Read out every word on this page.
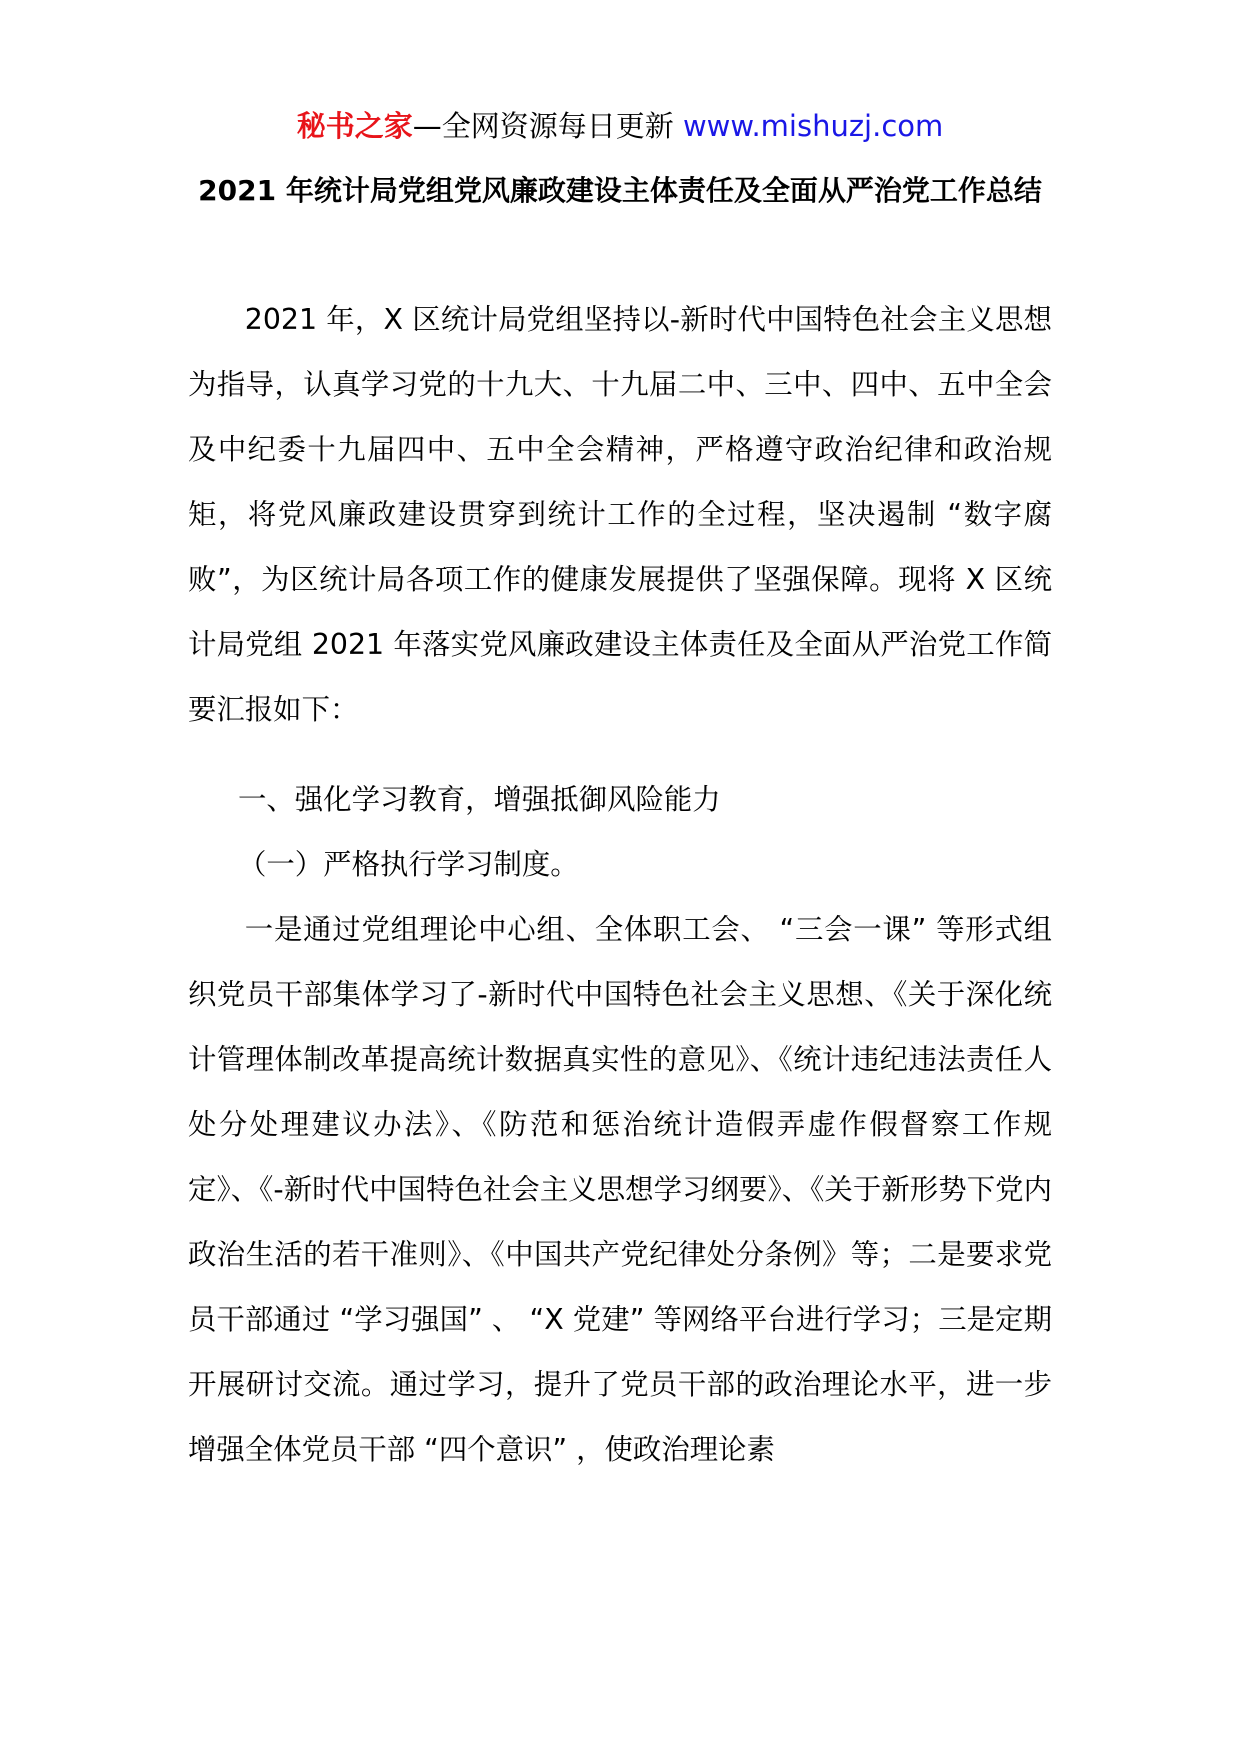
秘书之家—全网资源每日更新 www.mishuzj.com
2021 年统计局党组党风廉政建设主体责任及全面从严治党工作总结

2021 年，X 区统计局党组坚持以-新时代中国特色社会主义思想为指导，认真学习党的十九大、十九届二中、三中、四中、五中全会及中纪委十九届四中、五中全会精神，严格遵守政治纪律和政治规矩，将党风廉政建设贯穿到统计工作的全过程，坚决遏制 “数字腐败”，为区统计局各项工作的健康发展提供了坚强保障。现将 X 区统计局党组 2021 年落实党风廉政建设主体责任及全面从严治党工作简要汇报如下：

一、强化学习教育，增强抵御风险能力
（一）严格执行学习制度。

一是通过党组理论中心组、全体职工会、 “三会一课” 等形式组织党员干部集体学习了-新时代中国特色社会主义思想、《关于深化统计管理体制改革提高统计数据真实性的意见》、《统计违纪违法责任人处分处理建议办法》、《防范和惩治统计造假弄虚作假督察工作规定》、《-新时代中国特色社会主义思想学习纲要》、《关于新形势下党内政治生活的若干准则》、《中国共产党纪律处分条例》等；二是要求党员干部通过 “学习强国” 、 “X 党建” 等网络平台进行学习；三是定期开展研讨交流。通过学习，提升了党员干部的政治理论水平，进一步增强全体党员干部 “四个意识” ，使政治理论素
